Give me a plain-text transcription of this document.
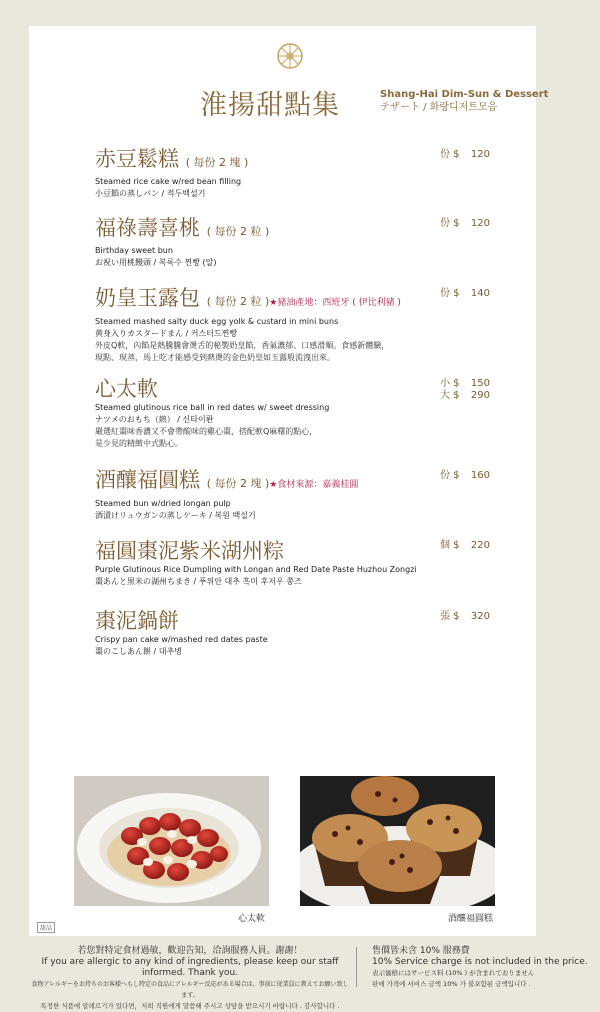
淮揚甜點集	Shang-Hai Dim-Sun & Dessert
テザート / 화랑디저트모음
赤豆鬆糕 ( 每份 2 塊 )
Steamed rice cake w/red bean filling
小豆餡の蒸しパン / 적두백설기
份 $ 120
福祿壽喜桃 ( 每份 2 粒 )
Birthday sweet bun
お祝い用桃饅頭 / 복록수 찐빵 (알)
份 $ 120
奶皇玉露包 ( 每份 2 粒 )★豬油產地：西班牙 ( 伊比利豬 )
Steamed mashed salty duck egg yolk & custard in mini buns
黄身入りカスタードまん / 커스터드찐빵
外皮Q軟，內餡是熱騰騰會燙舌的秘製奶皇餡，香氣濃郁、口感滑順。食感新體驗，
現點、現蒸，馬上吃才能感受到熱燙的金色奶皇如玉露般流洩出來。
份 $ 140
心太軟
Steamed glutinous rice ball in red dates w/ sweet dressing
ナツメのおもち（熱） / 신타이롼
嚴選紅棗味香濃又不會帶酸味的雞心棗，搭配軟Q麻糬的點心，
是少見的精緻中式點心。
小 $ 150
大 $ 290
酒釀福圓糕 ( 每份 2 塊 )★食材來源：嘉義桂圓
Steamed bun w/dried longan pulp
酒漬けリュウガンの蒸しケーキ / 복원 백설기
份 $ 160
福圓棗泥紫米湖州粽
Purple Glutinous Rice Dumpling with Longan and Red Date Paste Huzhou Zongzi
棗あんと黒米の湖州ちまき / 푸위안 대추 흑미 후저우 쭝즈
個 $ 220
棗泥鍋餅
Crispy pan cake w/mashed red dates paste
棗のこしあん餅 / 대추병
張 $ 320
心太軟	酒釀福圓糕
甜品
若您對特定食材過敏，歡迎告知，洽詢服務人員。謝謝！
If you are allergic to any kind of ingredients, please keep our staff informed. Thank you.
食物アレルギーをお持ちのお客様へもし特定の食品にアレルギー反応がある場合は、事前に従業員に教えてお願い致します。
특정한 식품에 알레르기가 있다면，저희 직원에게 말씀해 주시고 상담을 받으시기 바랍니다 . 감사합니다 .
售價皆未含 10% 服務費
10% Service charge is not included in the price.
表示価格にはサービス料 (10% ) が含まれておりません
판매 가격에 서비스 금액 10% 가 불포함된 금액입니다 .
